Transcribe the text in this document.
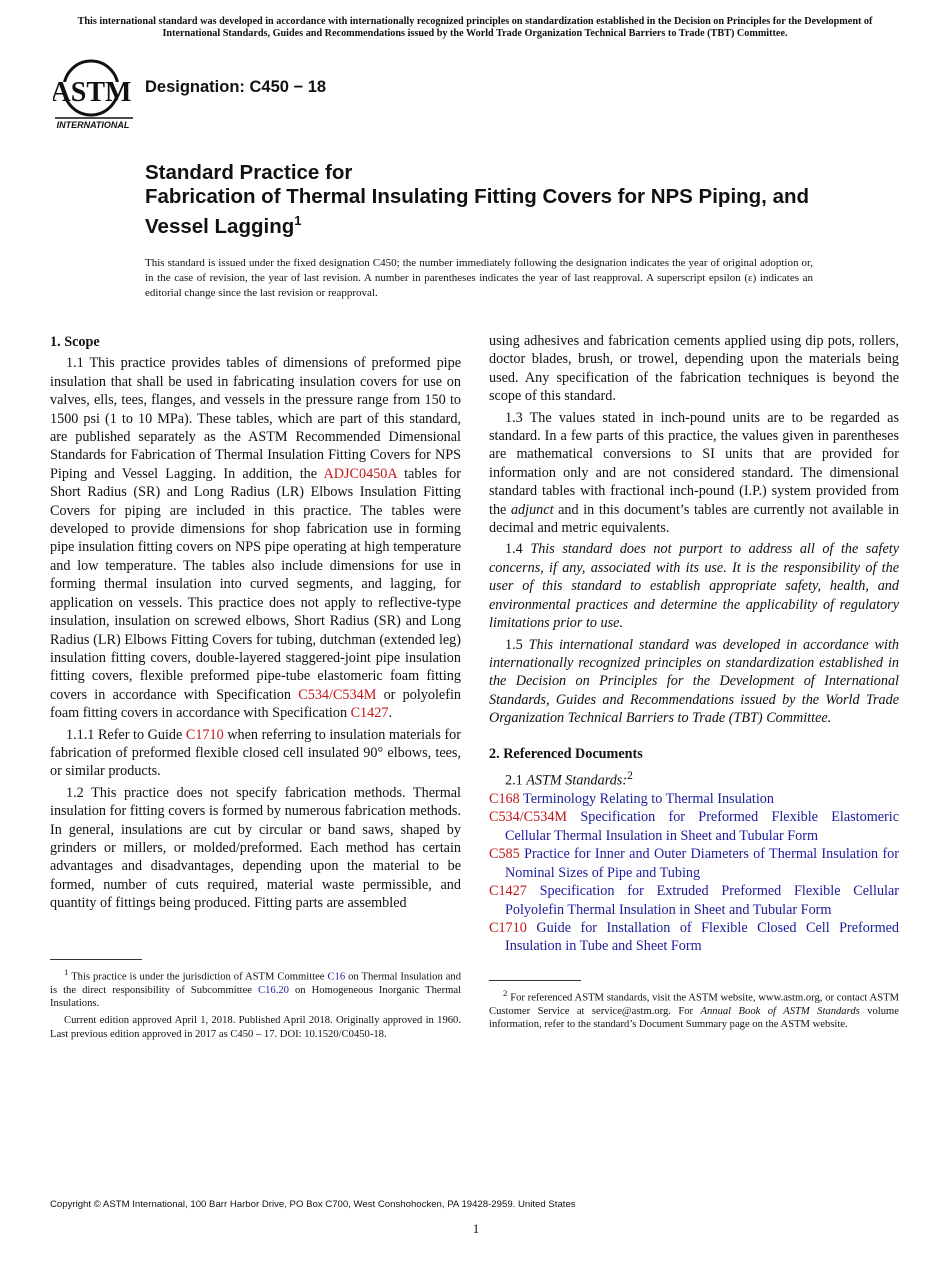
This international standard was developed in accordance with internationally recognized principles on standardization established in the Decision on Principles for the Development of International Standards, Guides and Recommendations issued by the World Trade Organization Technical Barriers to Trade (TBT) Committee.
ASTM
INTERNATIONAL
Designation: C450 − 18
Standard Practice for
Fabrication of Thermal Insulating Fitting Covers for NPS Piping, and Vessel Lagging$^1$
This standard is issued under the fixed designation C450; the number immediately following the designation indicates the year of original adoption or, in the case of revision, the year of last revision. A number in parentheses indicates the year of last reapproval. A superscript epsilon (ε) indicates an editorial change since the last revision or reapproval.

1. Scope

1.1 This practice provides tables of dimensions of preformed pipe insulation that shall be used in fabricating insulation covers for use on valves, ells, tees, flanges, and vessels in the pressure range from 150 to 1500 psi (1 to 10 MPa). These tables, which are part of this standard, are published separately as the ASTM Recommended Dimensional Standards for Fabrication of Thermal Insulation Fitting Covers for NPS Piping and Vessel Lagging. In addition, the ADJC0450A tables for Short Radius (SR) and Long Radius (LR) Elbows Insulation Fitting Covers for piping are included in this practice. The tables were developed to provide dimensions for shop fabrication use in forming pipe insulation fitting covers on NPS pipe operating at high temperature and low temperature. The tables also include dimensions for use in forming thermal insulation into curved segments, and lagging, for application on vessels. This practice does not apply to reflective-type insulation, insulation on screwed elbows, Short Radius (SR) and Long Radius (LR) Elbows Fitting Covers for tubing, dutchman (extended leg) insulation fitting covers, double-layered staggered-joint pipe insulation fitting covers, flexible preformed pipe-tube elastomeric foam fitting covers in accordance with Specification C534/C534M or polyolefin foam fitting covers in accordance with Specification C1427.

1.1.1 Refer to Guide C1710 when referring to insulation materials for fabrication of preformed flexible closed cell insulated 90° elbows, tees, or similar products.

1.2 This practice does not specify fabrication methods. Thermal insulation for fitting covers is formed by numerous fabrication methods. In general, insulations are cut by circular or band saws, shaped by grinders or millers, or molded/preformed. Each method has certain advantages and disadvantages, depending upon the material to be formed, number of cuts required, material waste permissible, and quantity of fittings being produced. Fitting parts are assembled

$^1$ This practice is under the jurisdiction of ASTM Committee C16 on Thermal Insulation and is the direct responsibility of Subcommittee C16.20 on Homogeneous Inorganic Thermal Insulations.

Current edition approved April 1, 2018. Published April 2018. Originally approved in 1960. Last previous edition approved in 2017 as C450 – 17. DOI: 10.1520/C0450-18.

using adhesives and fabrication cements applied using dip pots, rollers, doctor blades, brush, or trowel, depending upon the materials being used. Any specification of the fabrication techniques is beyond the scope of this standard.

1.3 The values stated in inch-pound units are to be regarded as standard. In a few parts of this practice, the values given in parentheses are mathematical conversions to SI units that are provided for information only and are not considered standard. The dimensional standard tables with fractional inch-pound (I.P.) system provided from the adjunct and in this document’s tables are currently not available in decimal and metric equivalents.

1.4 This standard does not purport to address all of the safety concerns, if any, associated with its use. It is the responsibility of the user of this standard to establish appropriate safety, health, and environmental practices and determine the applicability of regulatory limitations prior to use.

1.5 This international standard was developed in accordance with internationally recognized principles on standardization established in the Decision on Principles for the Development of International Standards, Guides and Recommendations issued by the World Trade Organization Technical Barriers to Trade (TBT) Committee.

2. Referenced Documents

2.1 ASTM Standards:$^2$

C168 Terminology Relating to Thermal Insulation

C534/C534M Specification for Preformed Flexible Elastomeric Cellular Thermal Insulation in Sheet and Tubular Form

C585 Practice for Inner and Outer Diameters of Thermal Insulation for Nominal Sizes of Pipe and Tubing

C1427 Specification for Extruded Preformed Flexible Cellular Polyolefin Thermal Insulation in Sheet and Tubular Form

C1710 Guide for Installation of Flexible Closed Cell Preformed Insulation in Tube and Sheet Form

$^2$ For referenced ASTM standards, visit the ASTM website, www.astm.org, or contact ASTM Customer Service at service@astm.org. For Annual Book of ASTM Standards volume information, refer to the standard’s Document Summary page on the ASTM website.

Copyright © ASTM International, 100 Barr Harbor Drive, PO Box C700, West Conshohocken, PA 19428-2959. United States
1
